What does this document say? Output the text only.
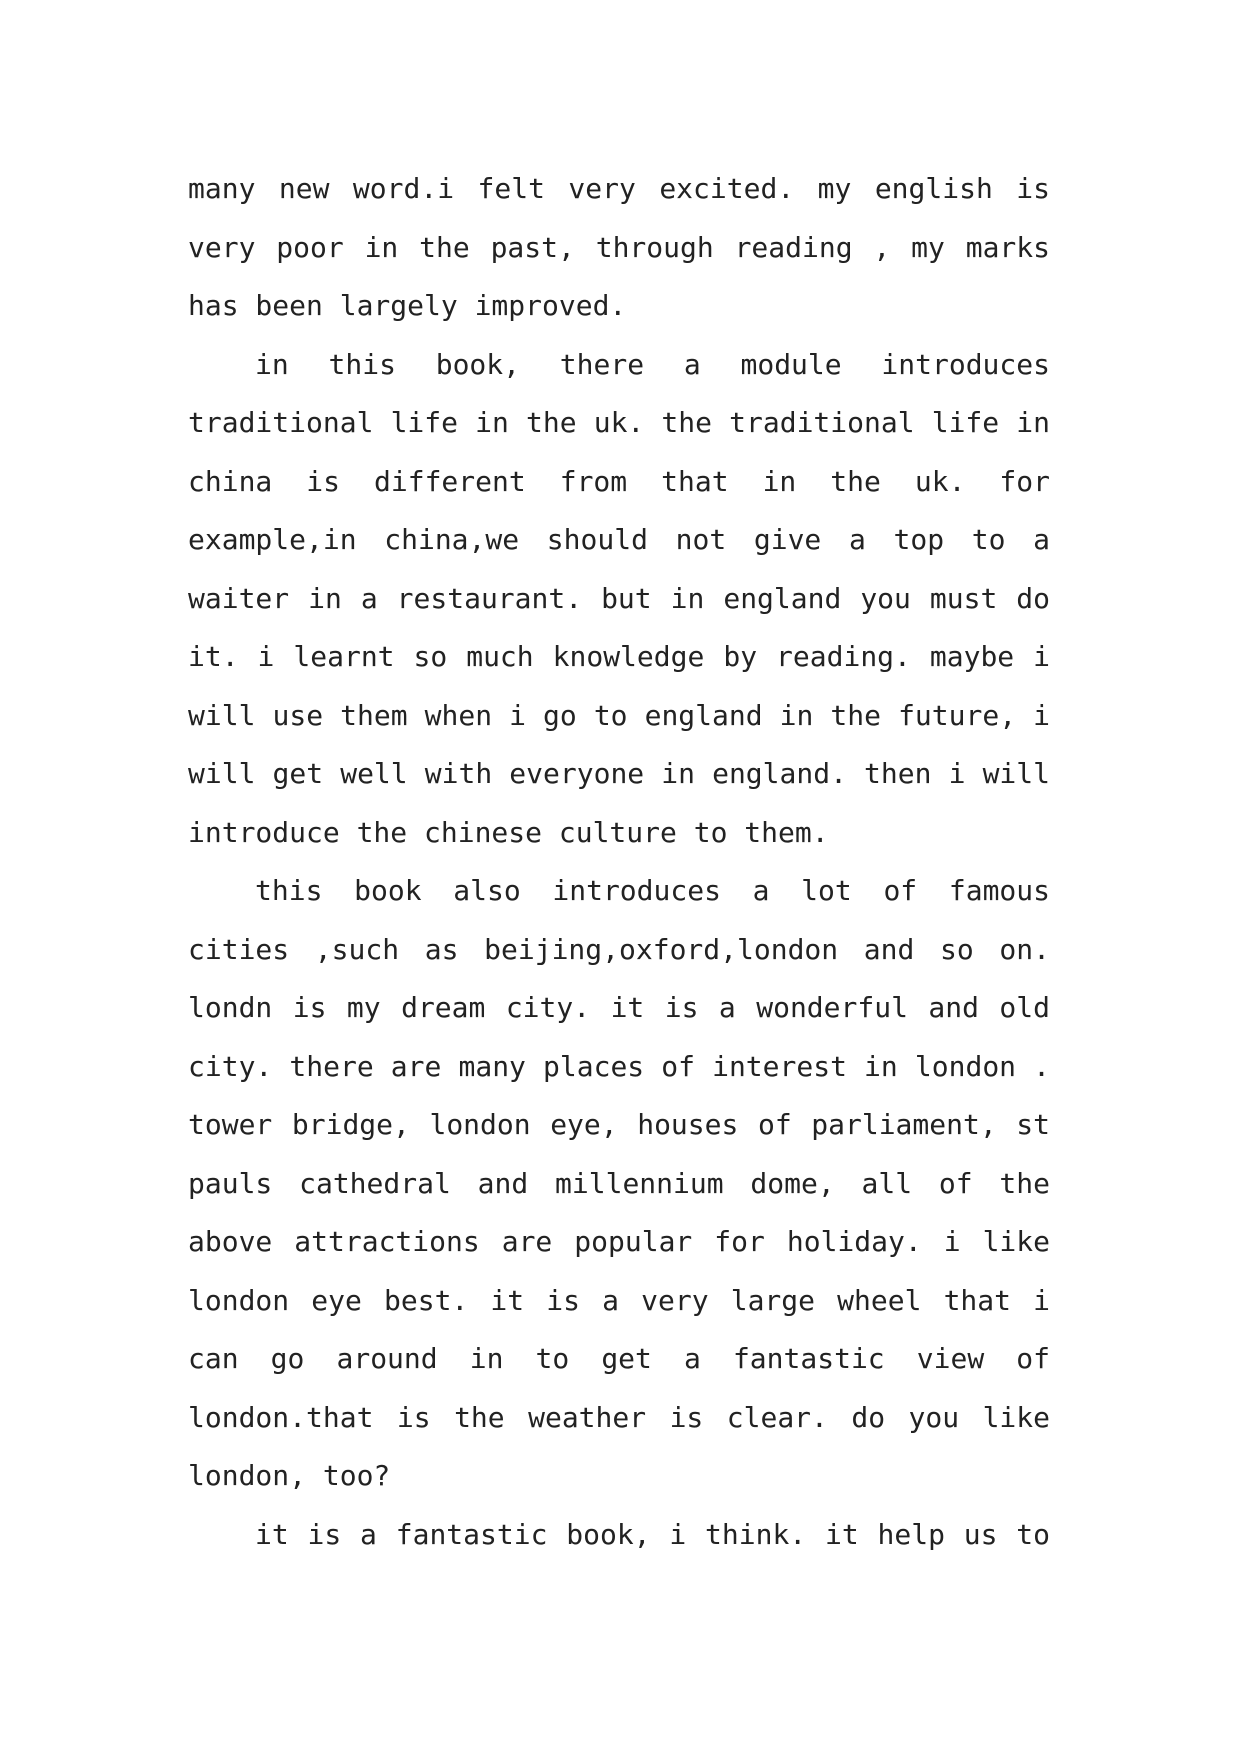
many new word.i felt very excited. my english is
very poor in the past, through reading , my marks
has been largely improved.
in this book, there a module introduces
traditional life in the uk. the traditional life in
china is different from that in the uk. for
example,in china,we should not give a top to a
waiter in a restaurant. but in england you must do
it. i learnt so much knowledge by reading. maybe i
will use them when i go to england in the future, i
will get well with everyone in england. then i will
introduce the chinese culture to them.
this book also introduces a lot of famous
cities ,such as beijing,oxford,london and so on.
londn is my dream city. it is a wonderful and old
city. there are many places of interest in london .
tower bridge, london eye, houses of parliament, st
pauls cathedral and millennium dome, all of the
above attractions are popular for holiday. i like
london eye best. it is a very large wheel that i
can go around in to get a fantastic view of
london.that is the weather is clear. do you like
london, too?
it is a fantastic book, i think. it help us to
